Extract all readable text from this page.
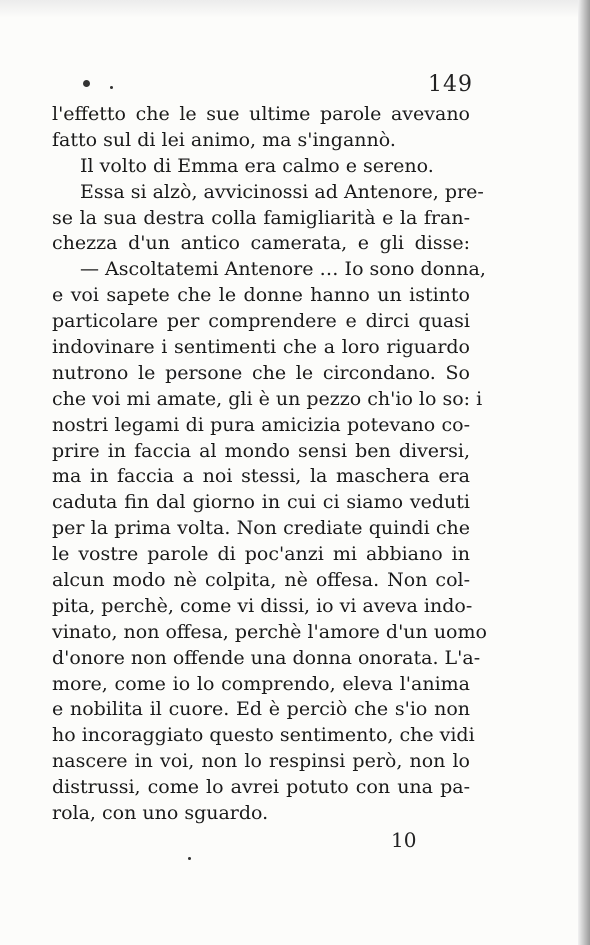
149
l'effetto che le sue ultime parole avevano
fatto sul di lei animo, ma s'ingannò.
Il volto di Emma era calmo e sereno.
Essa si alzò, avvicinossi ad Antenore, pre-
se la sua destra colla famigliarità e la fran-
chezza d'un antico camerata, e gli disse:
— Ascoltatemi Antenore … Io sono donna,
e voi sapete che le donne hanno un istinto
particolare per comprendere e dirci quasi
indovinare i sentimenti che a loro riguardo
nutrono le persone che le circondano. So
che voi mi amate, gli è un pezzo ch'io lo so: i
nostri legami di pura amicizia potevano co-
prire in faccia al mondo sensi ben diversi,
ma in faccia a noi stessi, la maschera era
caduta fin dal giorno in cui ci siamo veduti
per la prima volta. Non crediate quindi che
le vostre parole di poc'anzi mi abbiano in
alcun modo nè colpita, nè offesa. Non col-
pita, perchè, come vi dissi, io vi aveva indo-
vinato, non offesa, perchè l'amore d'un uomo
d'onore non offende una donna onorata. L'a-
more, come io lo comprendo, eleva l'anima
e nobilita il cuore. Ed è perciò che s'io non
ho incoraggiato questo sentimento, che vidi
nascere in voi, non lo respinsi però, non lo
distrussi, come lo avrei potuto con una pa-
rola, con uno sguardo.
10
